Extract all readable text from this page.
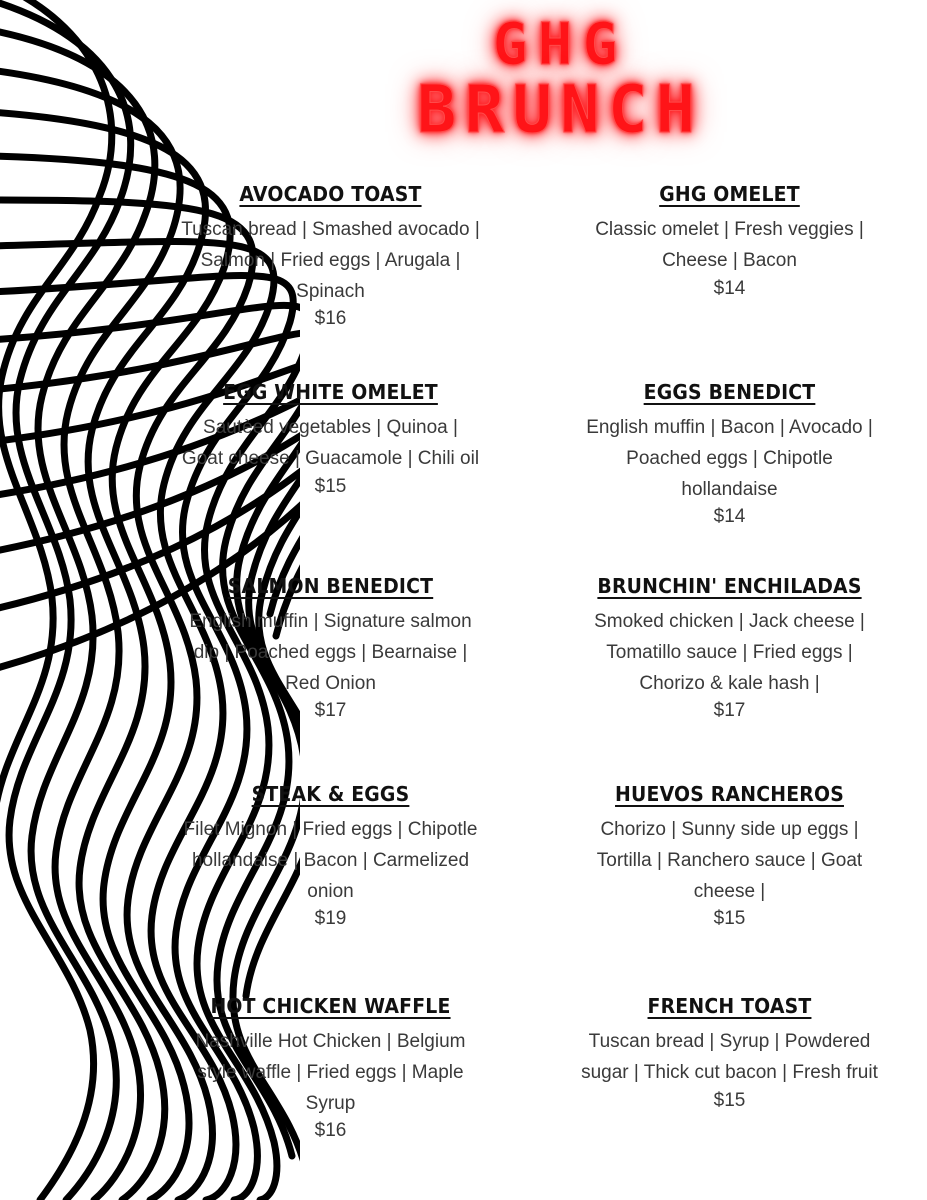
GHG
BRUNCH
AVOCADO TOAST
Tuscan bread | Smashed avocado | Salmon | Fried eggs | Arugala | Spinach
$16
GHG OMELET
Classic omelet | Fresh veggies | Cheese | Bacon
$14
EGG WHITE OMELET
Sautèed vegetables | Quinoa | Goat cheese | Guacamole | Chili oil
$15
EGGS BENEDICT
English muffin | Bacon | Avocado | Poached eggs | Chipotle hollandaise
$14
SALMON BENEDICT
English muffin | Signature salmon dip | Poached eggs | Bearnaise | Red Onion
$17
BRUNCHIN' ENCHILADAS
Smoked chicken | Jack cheese | Tomatillo sauce | Fried eggs | Chorizo & kale hash |
$17
STEAK & EGGS
Filet Mignon | Fried eggs | Chipotle hollandaise | Bacon | Carmelized onion
$19
HUEVOS RANCHEROS
Chorizo | Sunny side up eggs | Tortilla | Ranchero sauce | Goat cheese |
$15
HOT CHICKEN WAFFLE
Nashville Hot Chicken | Belgium style waffle | Fried eggs | Maple Syrup
$16
FRENCH TOAST
Tuscan bread | Syrup | Powdered sugar | Thick cut bacon | Fresh fruit
$15
